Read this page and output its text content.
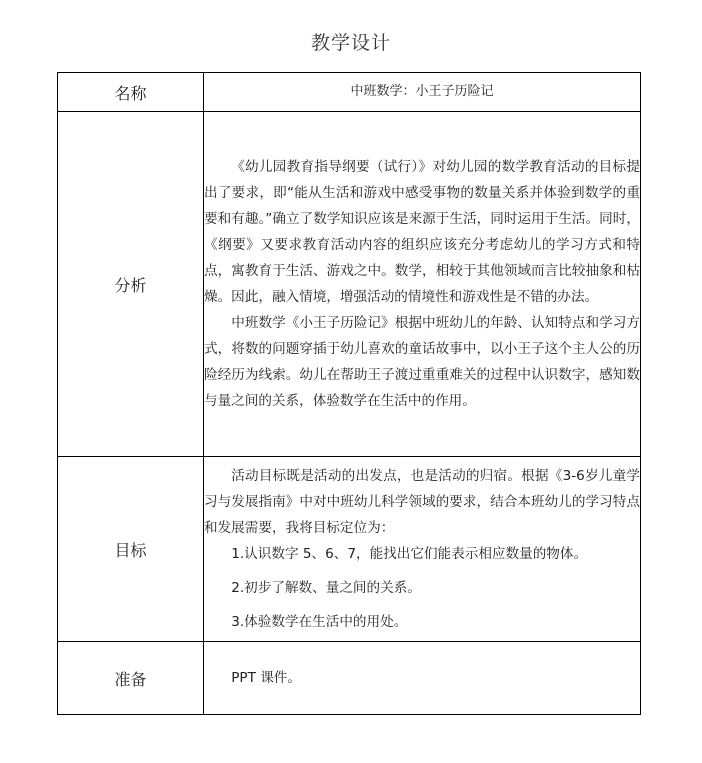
教学设计
名称	中班数学：小王子历险记
分析	《幼儿园教育指导纲要（试行）》对幼儿园的数学教育活动的目标提出了要求，即“能从生活和游戏中感受事物的数量关系并体验到数学的重要和有趣。”确立了数学知识应该是来源于生活，同时运用于生活。同时，《纲要》又要求教育活动内容的组织应该充分考虑幼儿的学习方式和特点，寓教育于生活、游戏之中。数学，相较于其他领域而言比较抽象和枯燥。因此，融入情境，增强活动的情境性和游戏性是不错的办法。

中班数学《小王子历险记》根据中班幼儿的年龄、认知特点和学习方式，将数的问题穿插于幼儿喜欢的童话故事中，以小王子这个主人公的历险经历为线索。幼儿在帮助王子渡过重重难关的过程中认识数字，感知数与量之间的关系，体验数学在生活中的作用。

目标	活动目标既是活动的出发点，也是活动的归宿。根据《3-6岁儿童学习与发展指南》中对中班幼儿科学领域的要求，结合本班幼儿的学习特点和发展需要，我将目标定位为：

1.认识数字 5、6、7，能找出它们能表示相应数量的物体。

2.初步了解数、量之间的关系。

3.体验数学在生活中的用处。

准备	PPT 课件。
